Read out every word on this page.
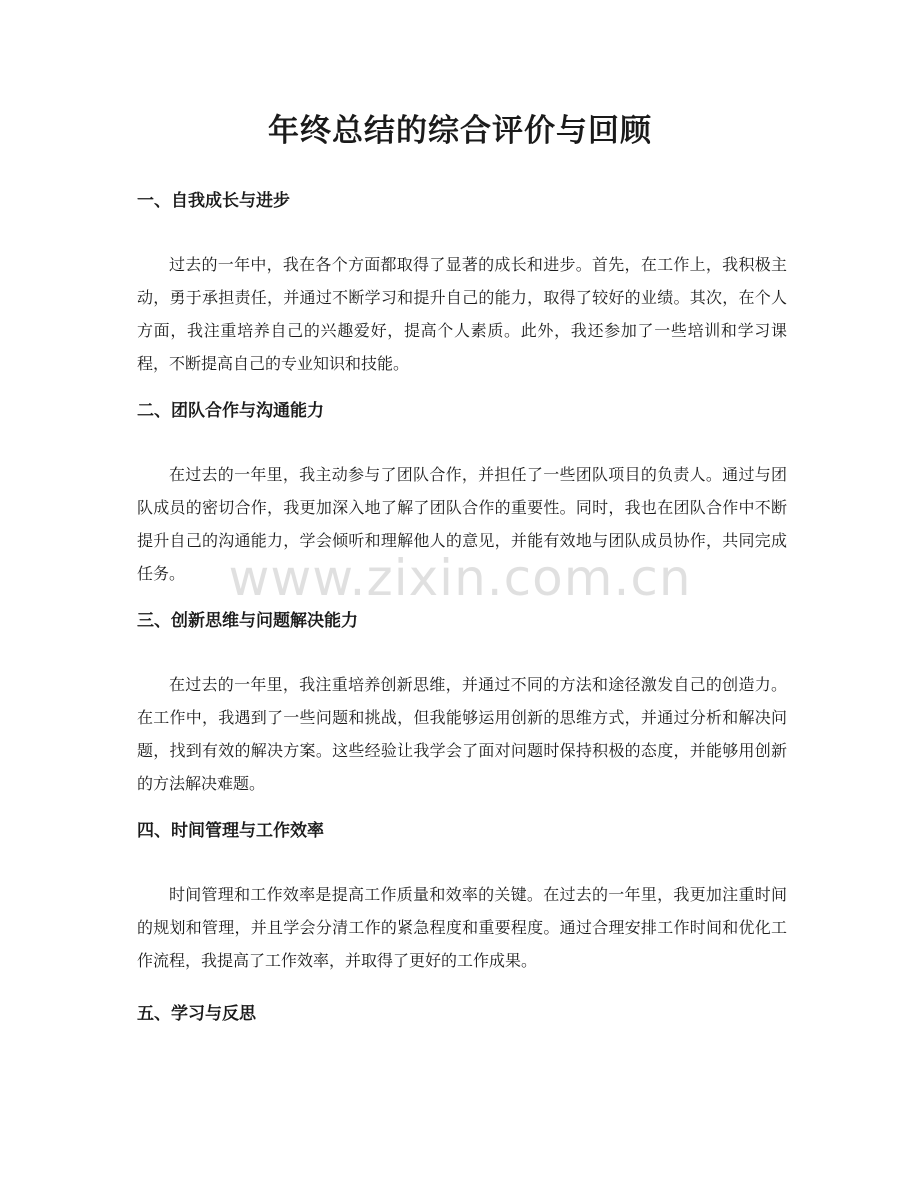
年终总结的综合评价与回顾
一、自我成长与进步

过去的一年中，我在各个方面都取得了显著的成长和进步。首先，在工作上，我积极主动，勇于承担责任，并通过不断学习和提升自己的能力，取得了较好的业绩。其次，在个人方面，我注重培养自己的兴趣爱好，提高个人素质。此外，我还参加了一些培训和学习课程，不断提高自己的专业知识和技能。

二、团队合作与沟通能力

在过去的一年里，我主动参与了团队合作，并担任了一些团队项目的负责人。通过与团队成员的密切合作，我更加深入地了解了团队合作的重要性。同时，我也在团队合作中不断提升自己的沟通能力，学会倾听和理解他人的意见，并能有效地与团队成员协作，共同完成任务。

三、创新思维与问题解决能力

在过去的一年里，我注重培养创新思维，并通过不同的方法和途径激发自己的创造力。在工作中，我遇到了一些问题和挑战，但我能够运用创新的思维方式，并通过分析和解决问题，找到有效的解决方案。这些经验让我学会了面对问题时保持积极的态度，并能够用创新的方法解决难题。

四、时间管理与工作效率

时间管理和工作效率是提高工作质量和效率的关键。在过去的一年里，我更加注重时间的规划和管理，并且学会分清工作的紧急程度和重要程度。通过合理安排工作时间和优化工作流程，我提高了工作效率，并取得了更好的工作成果。

五、学习与反思
www.zixin.com.cn
